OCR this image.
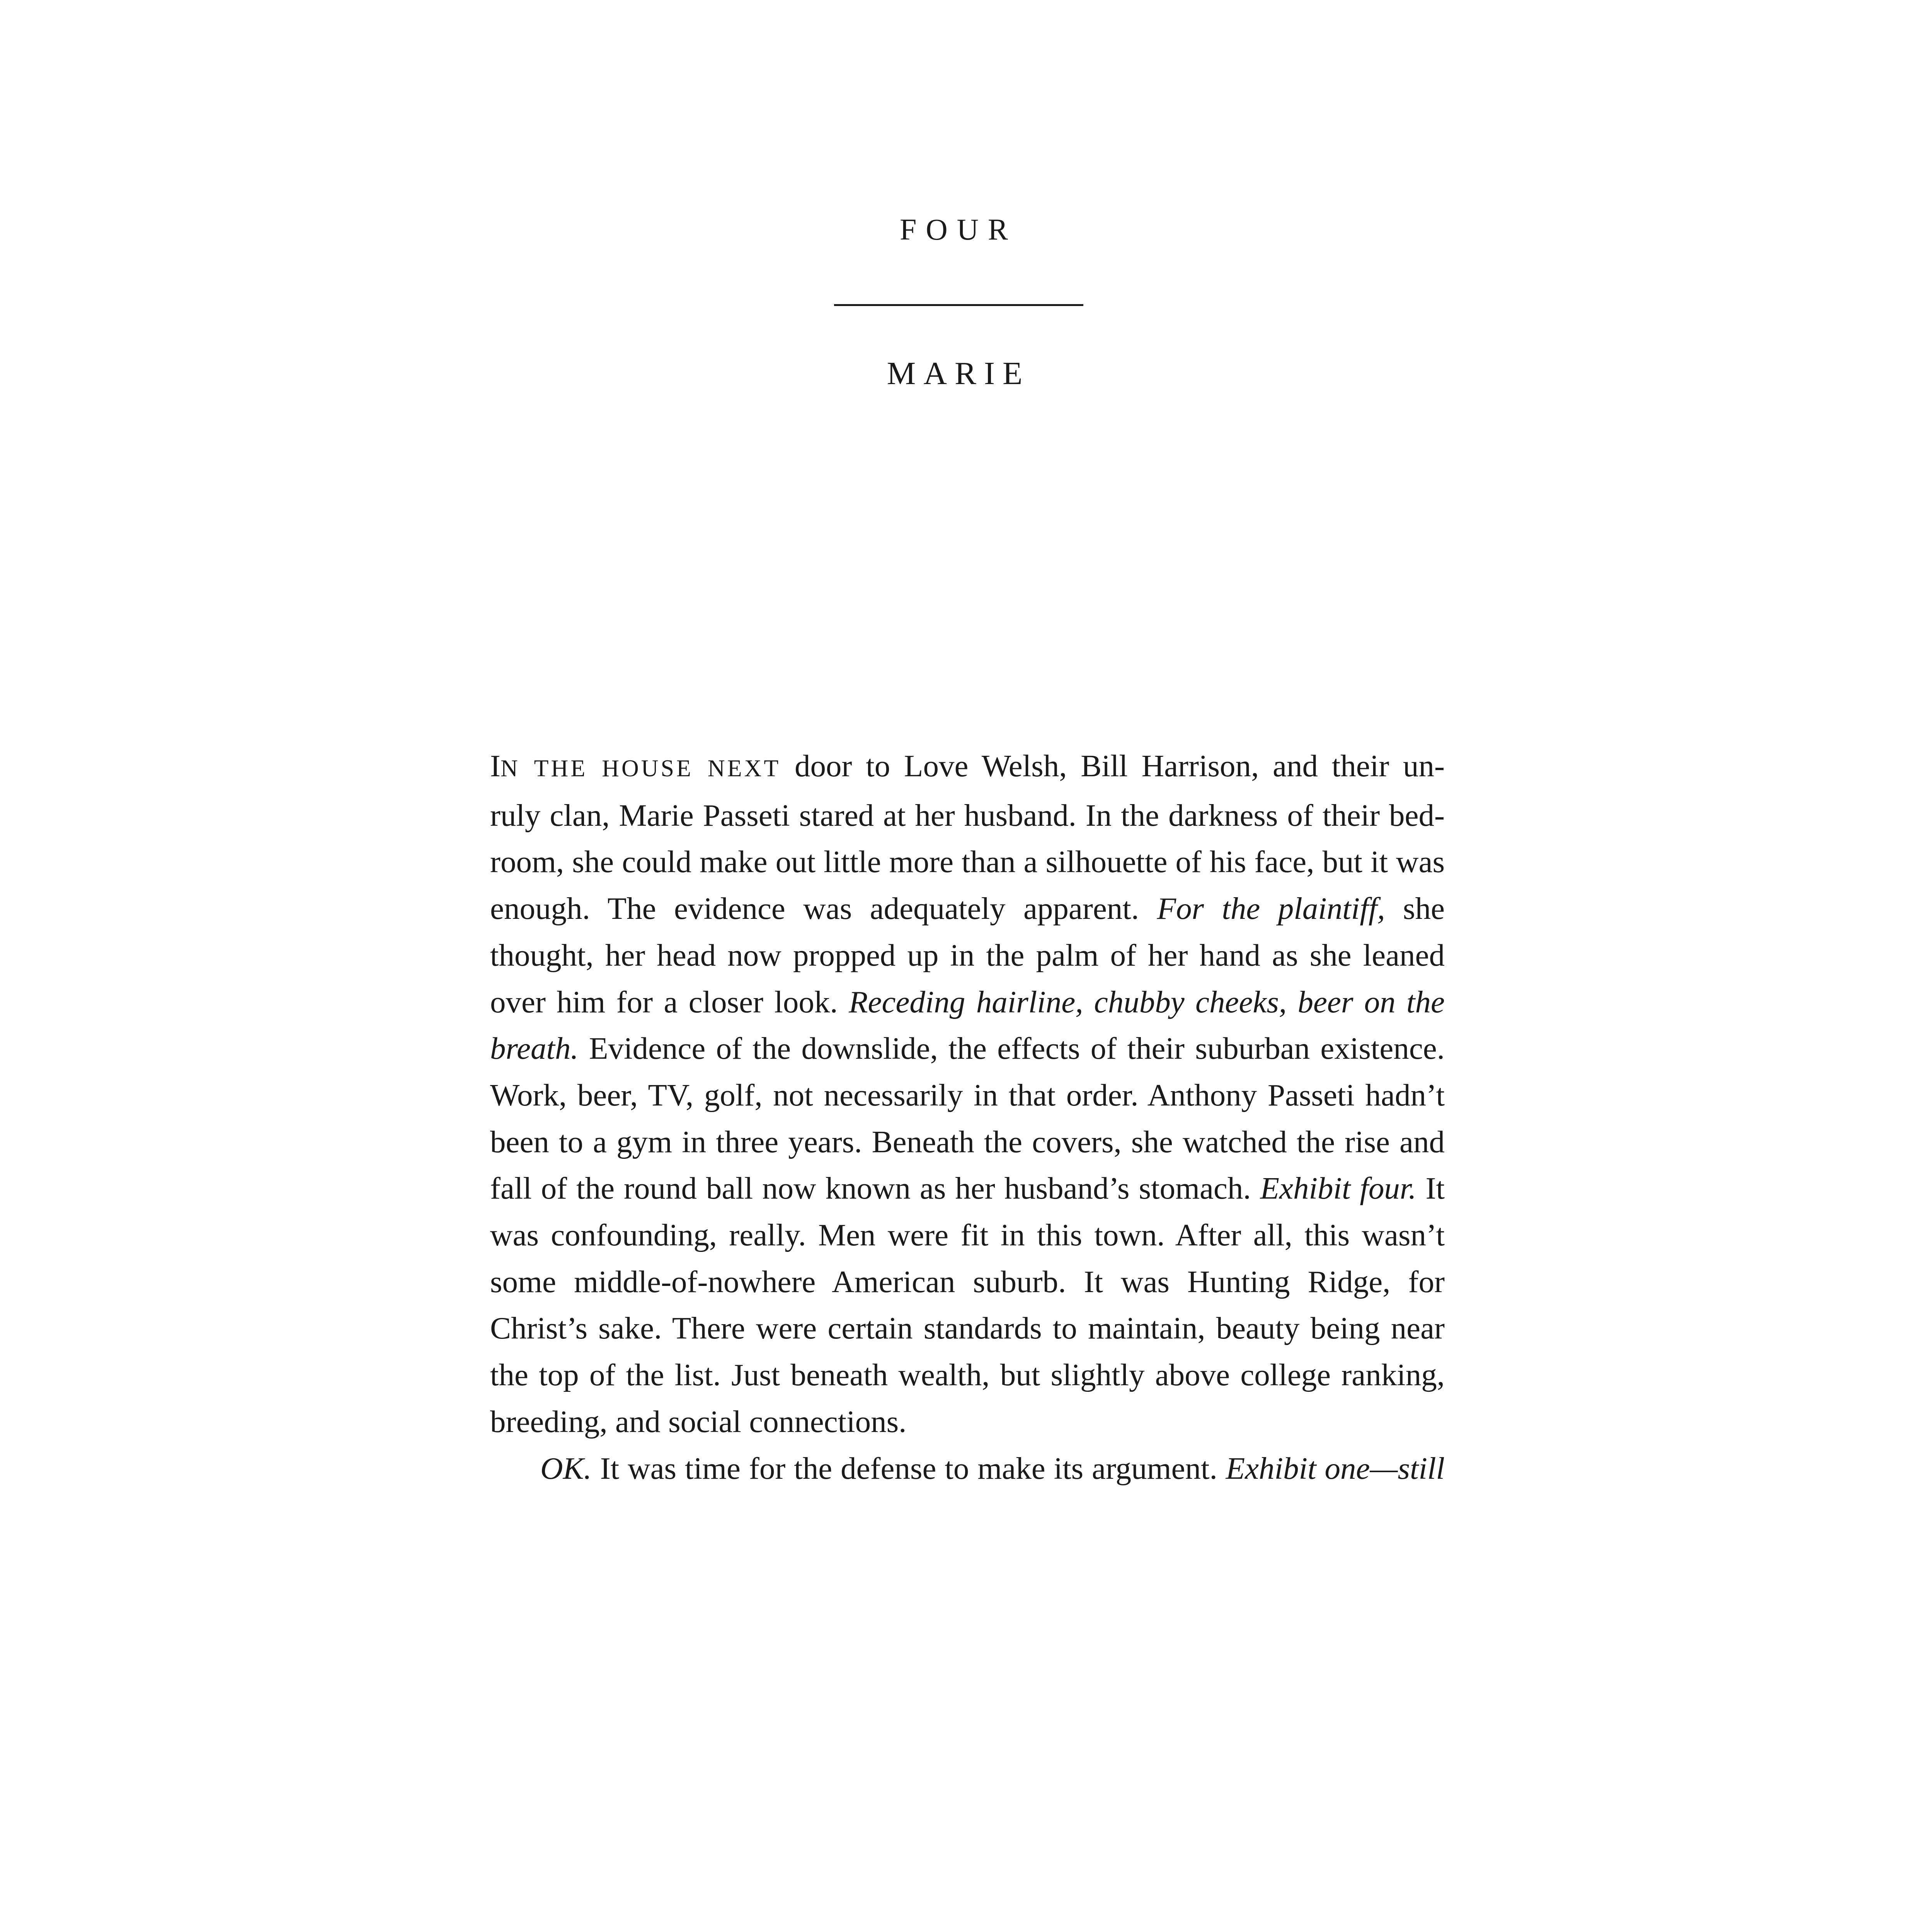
FOUR
MARIE
IN THE HOUSE NEXT door to Love Welsh, Bill Harrison, and their un-
ruly clan, Marie Passeti stared at her husband. In the darkness of their bed-
room, she could make out little more than a silhouette of his face, but it was
enough. The evidence was adequately apparent. For the plaintiff, she
thought, her head now propped up in the palm of her hand as she leaned
over him for a closer look. Receding hairline, chubby cheeks, beer on the
breath. Evidence of the downslide, the effects of their suburban existence.
Work, beer, TV, golf, not necessarily in that order. Anthony Passeti hadn’t
been to a gym in three years. Beneath the covers, she watched the rise and
fall of the round ball now known as her husband’s stomach. Exhibit four. It
was confounding, really. Men were fit in this town. After all, this wasn’t
some middle-of-nowhere American suburb. It was Hunting Ridge, for
Christ’s sake. There were certain standards to maintain, beauty being near
the top of the list. Just beneath wealth, but slightly above college ranking,
breeding, and social connections.
OK. It was time for the defense to make its argument. Exhibit one—still
